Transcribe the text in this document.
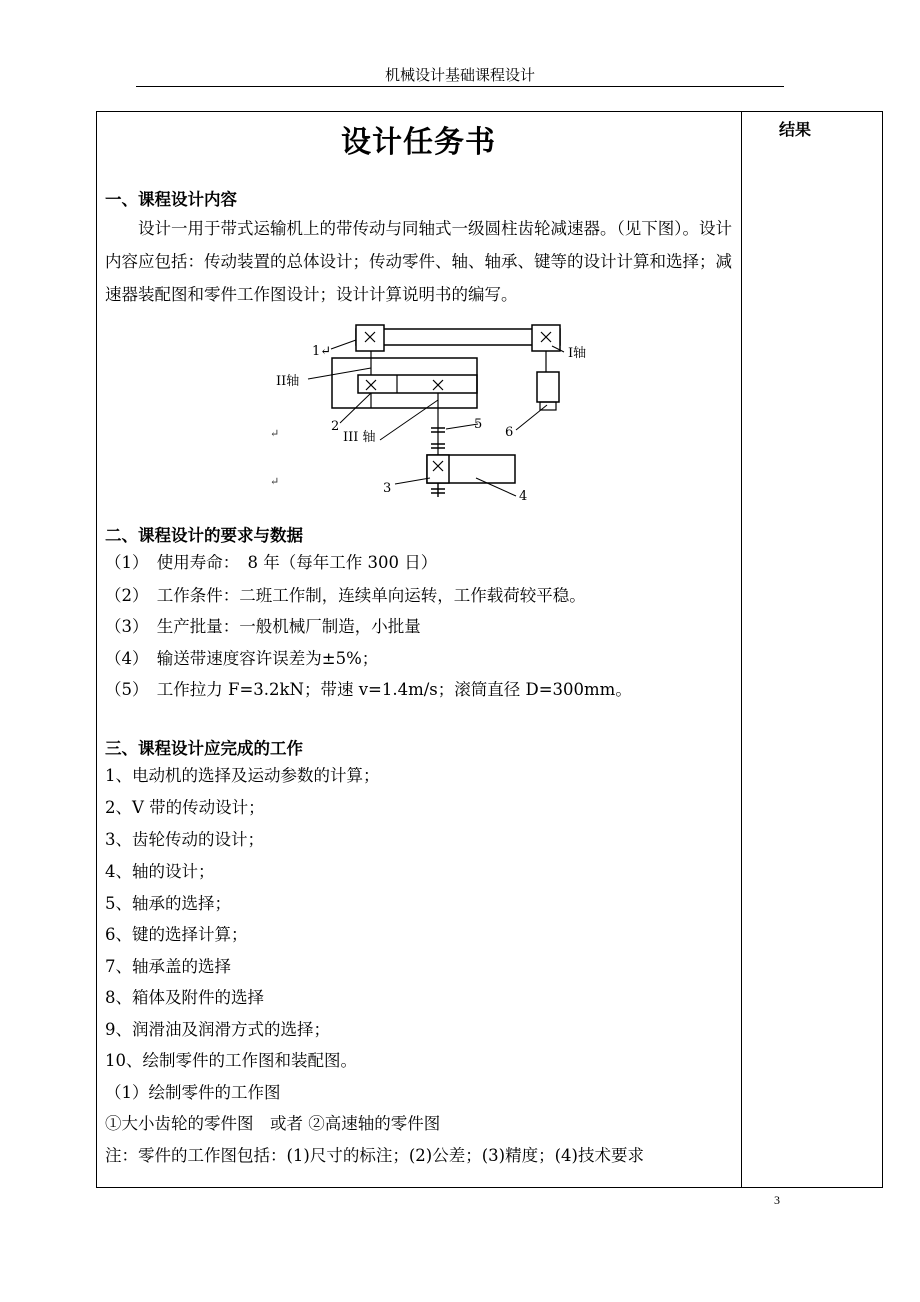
机械设计基础课程设计
结果
设计任务书
一、课程设计内容
设计一用于带式运输机上的带传动与同轴式一级圆柱齿轮减速器。（见下图）。设计内容应包括：传动装置的总体设计；传动零件、轴、轴承、键等的设计计算和选择；减速器装配图和零件工作图设计；设计计算说明书的编写。
1↵	I轴
II轴
2
III 轴
5
6
3
4
↵
↵
二、课程设计的要求与数据
（1）　使用寿命：　8 年（每年工作 300 日）
（2）　工作条件：二班工作制，连续单向运转，工作载荷较平稳。
（3）　生产批量：一般机械厂制造，小批量
（4）　输送带速度容许误差为±5%；
（5）　工作拉力 F=3.2kN；带速 v=1.4m/s；滚筒直径 D=300mm。
三、课程设计应完成的工作
1、电动机的选择及运动参数的计算；
2、V 带的传动设计；
3、齿轮传动的设计；
4、轴的设计；
5、轴承的选择；
6、键的选择计算；
7、轴承盖的选择
8、箱体及附件的选择
9、润滑油及润滑方式的选择；
10、绘制零件的工作图和装配图。
（1）绘制零件的工作图
①大小齿轮的零件图　或者 ②高速轴的零件图
注：零件的工作图包括：(1)尺寸的标注；(2)公差；(3)精度；(4)技术要求
3
